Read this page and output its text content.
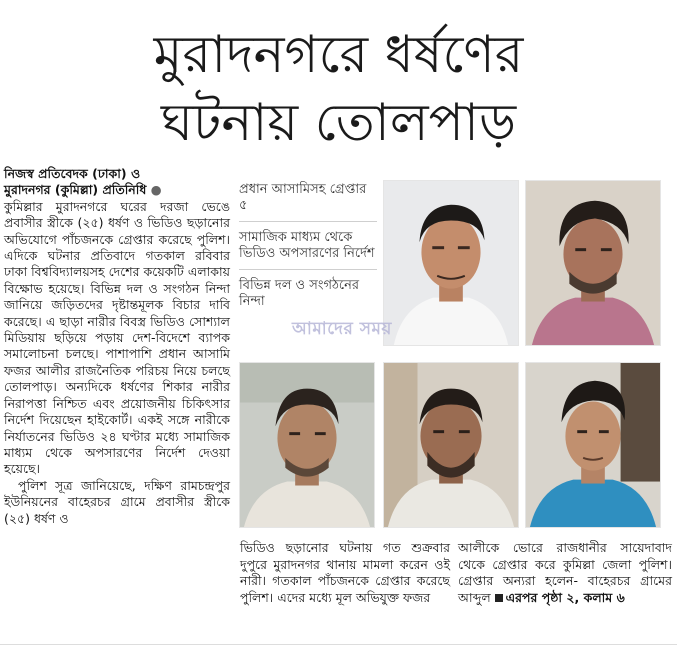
মুরাদনগরে ধর্ষণের
ঘটনায় তোলপাড়
নিজস্ব প্রতিবেদক (ঢাকা) ও
মুরাদনগর (কুমিল্লা) প্রতিনিধি ●

কুমিল্লার মুরাদনগরে ঘরের দরজা ভেঙে প্রবাসীর স্ত্রীকে (২৫) ধর্ষণ ও ভিডিও ছড়ানোর অভিযোগে পাঁচজনকে গ্রেপ্তার করেছে পুলিশ। এদিকে ঘটনার প্রতিবাদে গতকাল রবিবার ঢাকা বিশ্ববিদ্যালয়সহ দেশের কয়েকটি এলাকায় বিক্ষোভ হয়েছে। বিভিন্ন দল ও সংগঠন নিন্দা জানিয়ে জড়িতদের দৃষ্টান্তমূলক বিচার দাবি করেছে। এ ছাড়া নারীর বিবস্ত্র ভিডিও সোশ্যাল মিডিয়ায় ছড়িয়ে পড়ায় দেশ-বিদেশে ব্যাপক সমালোচনা চলছে। পাশাপাশি প্রধান আসামি ফজর আলীর রাজনৈতিক পরিচয় নিয়ে চলছে তোলপাড়। অন্যদিকে ধর্ষণের শিকার নারীর নিরাপত্তা নিশ্চিত এবং প্রয়োজনীয় চিকিৎসার নির্দেশ দিয়েছেন হাইকোর্ট। একই সঙ্গে নারীকে নির্যাতনের ভিডিও ২৪ ঘণ্টার মধ্যে সামাজিক মাধ্যম থেকে অপসারণের নির্দেশ দেওয়া হয়েছে।

পুলিশ সূত্র জানিয়েছে, দক্ষিণ রামচন্দ্রপুর ইউনিয়নের বাহেরচর গ্রামে প্রবাসীর স্ত্রীকে (২৫) ধর্ষণ ও

প্রধান আসামিসহ গ্রেপ্তার ৫
সামাজিক মাধ্যম থেকে ভিডিও অপসারণের নির্দেশ
বিভিন্ন দল ও সংগঠনের নিন্দা
আমাদের সময়
ভিডিও ছড়ানোর ঘটনায় গত শুক্রবার দুপুরে মুরাদনগর থানায় মামলা করেন ওই নারী। গতকাল পাঁচজনকে গ্রেপ্তার করেছে পুলিশ। এদের মধ্যে মূল অভিযুক্ত ফজর
আলীকে ভোরে রাজধানীর সায়েদাবাদ থেকে গ্রেপ্তার করে কুমিল্লা জেলা পুলিশ। গ্রেপ্তার অন্যরা হলেন- বাহেরচর গ্রামের আব্দুল এরপর পৃষ্ঠা ২, কলাম ৬
